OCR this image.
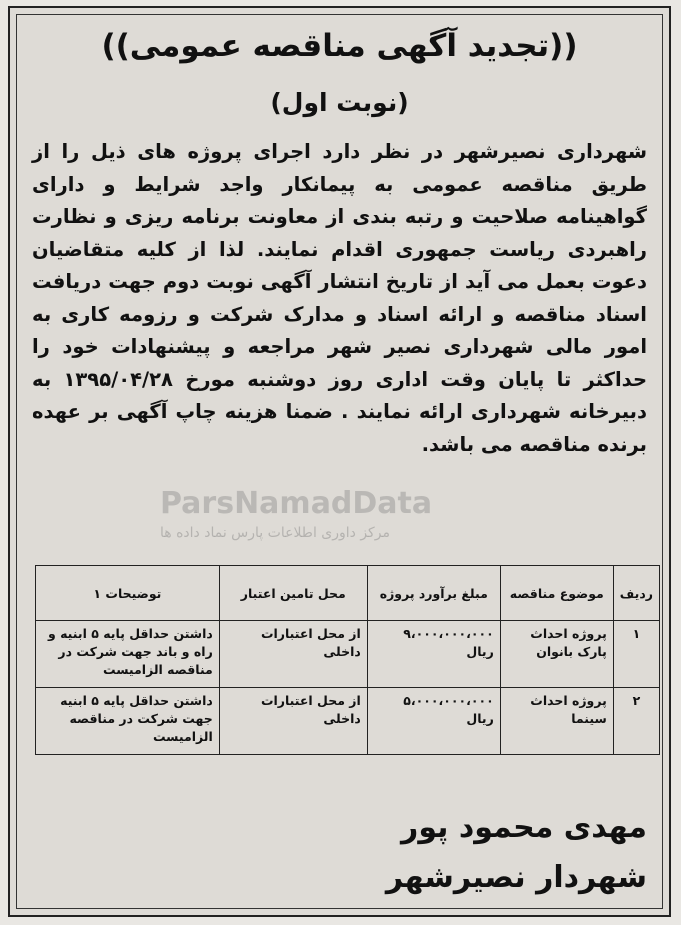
((تجدید آگهی مناقصه عمومی))
(نوبت اول)
شهرداری نصیرشهر در نظر دارد اجرای پروژه های ذیل را از طریق مناقصه عمومی به پیمانکار واجد شرایط و دارای گواهینامه صلاحیت و رتبه بندی از معاونت برنامه ریزی و نظارت راهبردی ریاست جمهوری اقدام نمایند. لذا از کلیه متقاضیان دعوت بعمل می آید از تاریخ انتشار آگهی نوبت دوم جهت دریافت اسناد مناقصه و ارائه اسناد و مدارک شرکت و رزومه کاری به امور مالی شهرداری نصیر شهر مراجعه و پیشنهادات خود را حداکثر تا پایان وقت اداری روز دوشنبه مورخ ۱۳۹۵/۰۴/۲۸ به دبیرخانه شهرداری ارائه نمایند . ضمنا هزینه چاپ آگهی بر عهده برنده مناقصه می باشد.
ParsNamadData
مرکز داوری اطلاعات پارس نماد داده ها
ردیف	موضوع مناقصه	مبلغ برآورد پروژه	محل تامین اعتبار	توضیحات ۱
۱	پروژه احداث پارک بانوان	۹،۰۰۰،۰۰۰،۰۰۰ ریال	از محل اعتبارات داخلی	داشتن حداقل پایه ۵ ابنیه و راه و باند جهت شرکت در مناقصه الزامیست
۲	پروژه احداث سینما	۵،۰۰۰،۰۰۰،۰۰۰ ریال	از محل اعتبارات داخلی	داشتن حداقل پایه ۵ ابنیه جهت شرکت در مناقصه الزامیست
مهدی محمود پور
شهردار نصیرشهر
